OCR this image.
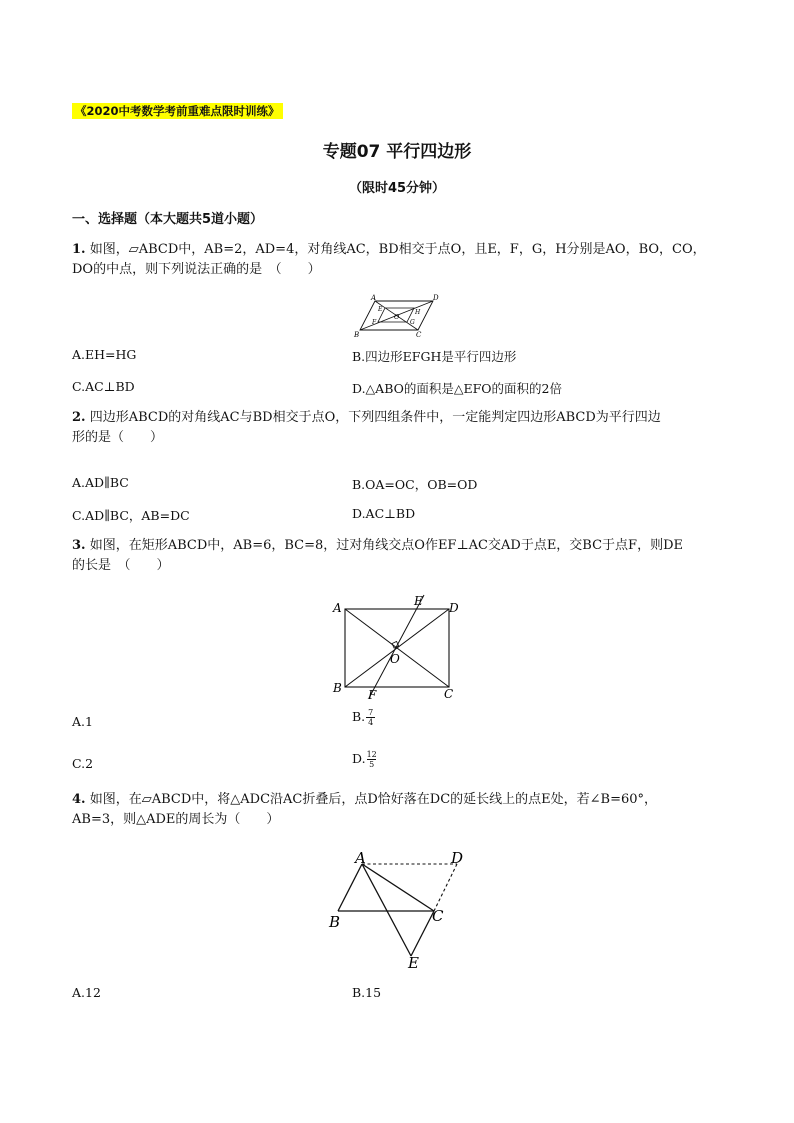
《2020中考数学考前重难点限时训练》
专题07 平行四边形
（限时45分钟）
一、选择题（本大题共5道小题）
1. 如图，▱ABCD中，AB=2，AD=4，对角线AC，BD相交于点O，且E，F，G，H分别是AO，BO，CO，
DO的中点，则下列说法正确的是　（　　）
A	D
E	H
O
F	G
B	C
A.EH=HG	B.四边形EFGH是平行四边形
C.AC⊥BD	D.△ABO的面积是△EFO的面积的2倍
2. 四边形ABCD的对角线AC与BD相交于点O，下列四组条件中，一定能判定四边形ABCD为平行四边
形的是（　　）
A.AD∥BC	B.OA=OC，OB=OD
C.AD∥BC，AB=DC	D.AC⊥BD
3. 如图，在矩形ABCD中，AB=6，BC=8，过对角线交点O作EF⊥AC交AD于点E，交BC于点F，则DE
的长是　（　　）
A	E D
O
B F	C
A.1	B. $\frac{7}{4}$
C.2	D. $\frac{12}{5}$
4. 如图，在▱ABCD中，将△ADC沿AC折叠后，点D恰好落在DC的延长线上的点E处，若∠B=60°，
AB=3，则△ADE的周长为（　　）
A	D
B	C
E
A.12	B.15
